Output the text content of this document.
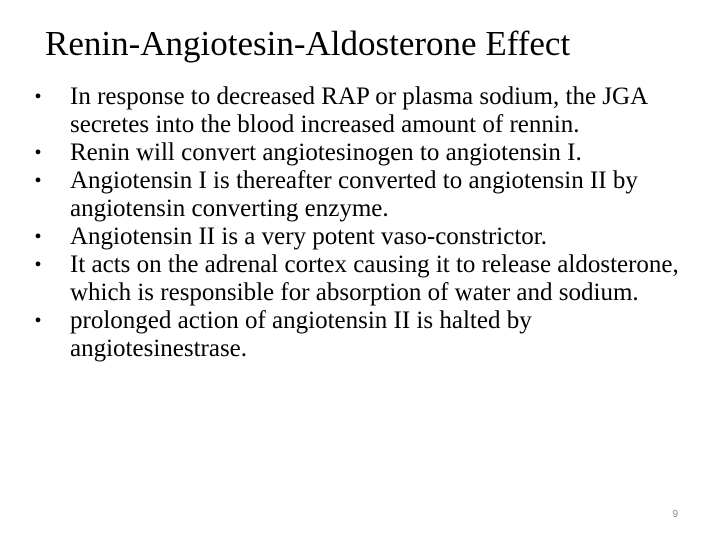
Renin-Angiotesin-Aldosterone Effect
• In response to decreased RAP or plasma sodium, the JGA secretes into the blood increased amount of rennin.
• Renin will convert angiotesinogen to angiotensin I.
• Angiotensin I is thereafter converted to angiotensin II by angiotensin converting enzyme.
• Angiotensin II is a very potent vaso-constrictor.
• It acts on the adrenal cortex causing it to release aldosterone, which is responsible for absorption of water and sodium.
• prolonged action of angiotensin II is halted by angiotesinestrase.
9
